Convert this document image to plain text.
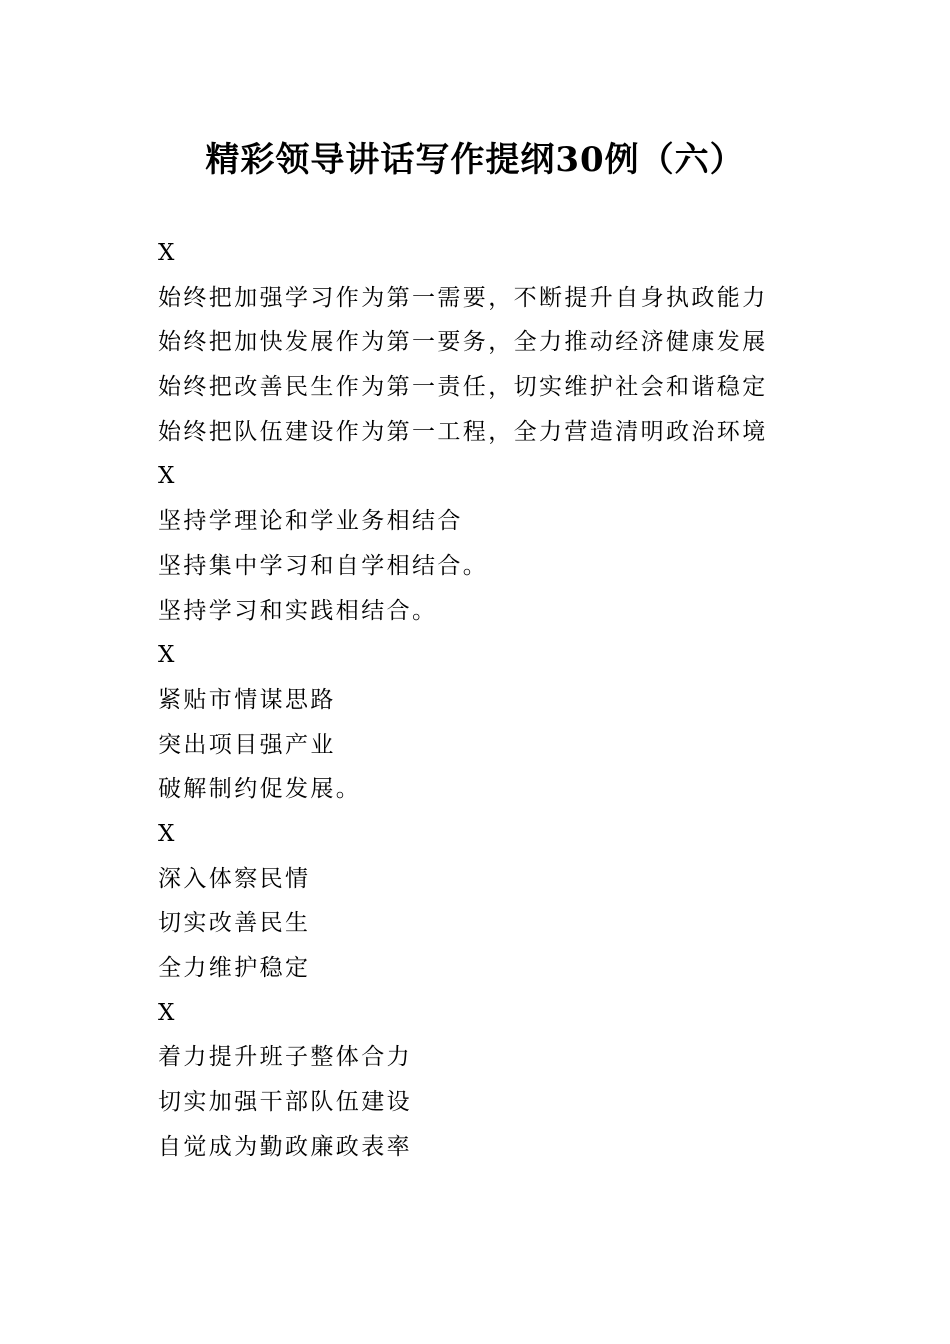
精彩领导讲话写作提纲30例（六）
X
始终把加强学习作为第一需要，不断提升自身执政能力
始终把加快发展作为第一要务，全力推动经济健康发展
始终把改善民生作为第一责任，切实维护社会和谐稳定
始终把队伍建设作为第一工程，全力营造清明政治环境
X
坚持学理论和学业务相结合
坚持集中学习和自学相结合。
坚持学习和实践相结合。
X
紧贴市情谋思路
突出项目强产业
破解制约促发展。
X
深入体察民情
切实改善民生
全力维护稳定
X
着力提升班子整体合力
切实加强干部队伍建设
自觉成为勤政廉政表率
